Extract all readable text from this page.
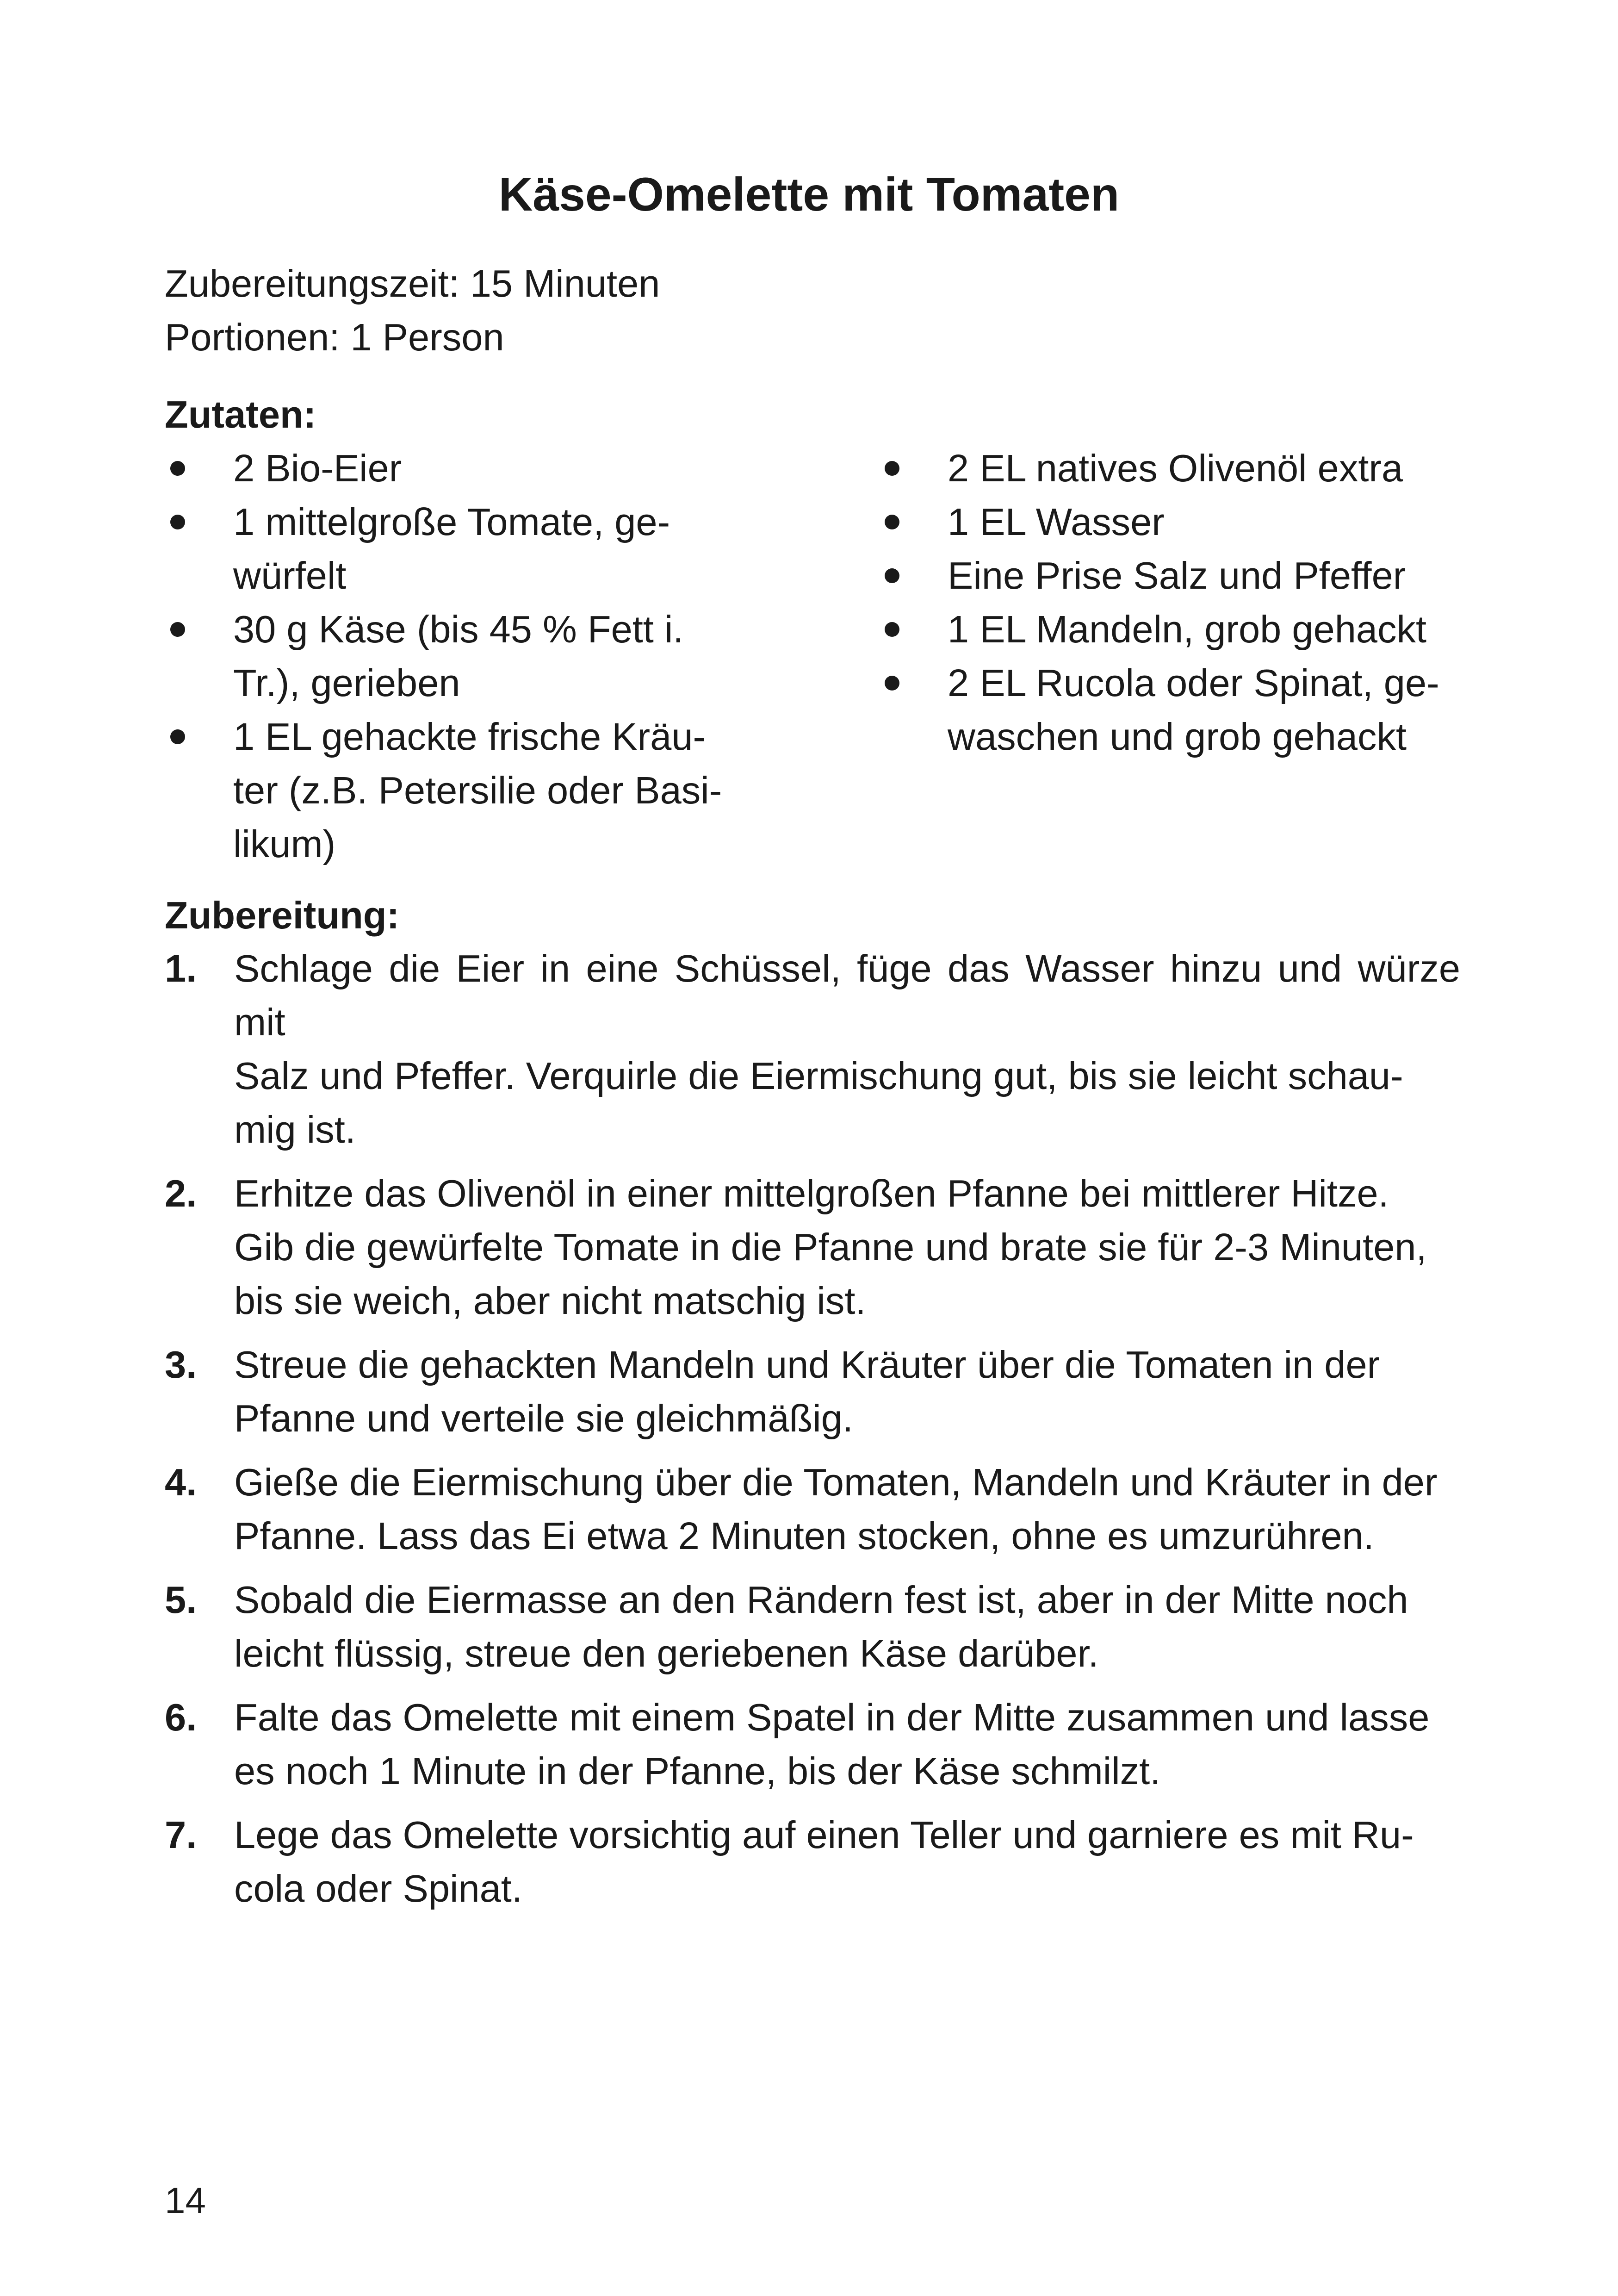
Käse-Omelette mit Tomaten

Zubereitungszeit: 15 Minuten

Portionen: 1 Person

Zutaten:

2 Bio-Eier
1 mittelgroße Tomate, ge-
würfelt
30 g Käse (bis 45 % Fett i.
Tr.), gerieben
1 EL gehackte frische Kräu-
ter (z.B. Petersilie oder Basi-
likum)
2 EL natives Olivenöl extra
1 EL Wasser
Eine Prise Salz und Pfeffer
1 EL Mandeln, grob gehackt
2 EL Rucola oder Spinat, ge-
waschen und grob gehackt

Zubereitung:

1. Schlage die Eier in eine Schüssel, füge das Wasser hinzu und würze mit
Salz und Pfeffer. Verquirle die Eiermischung gut, bis sie leicht schau-
mig ist.
2. Erhitze das Olivenöl in einer mittelgroßen Pfanne bei mittlerer Hitze.
Gib die gewürfelte Tomate in die Pfanne und brate sie für 2-3 Minuten,
bis sie weich, aber nicht matschig ist.
3. Streue die gehackten Mandeln und Kräuter über die Tomaten in der
Pfanne und verteile sie gleichmäßig.
4. Gieße die Eiermischung über die Tomaten, Mandeln und Kräuter in der
Pfanne. Lass das Ei etwa 2 Minuten stocken, ohne es umzurühren.
5. Sobald die Eiermasse an den Rändern fest ist, aber in der Mitte noch
leicht flüssig, streue den geriebenen Käse darüber.
6. Falte das Omelette mit einem Spatel in der Mitte zusammen und lasse
es noch 1 Minute in der Pfanne, bis der Käse schmilzt.
7. Lege das Omelette vorsichtig auf einen Teller und garniere es mit Ru-
cola oder Spinat.

14
